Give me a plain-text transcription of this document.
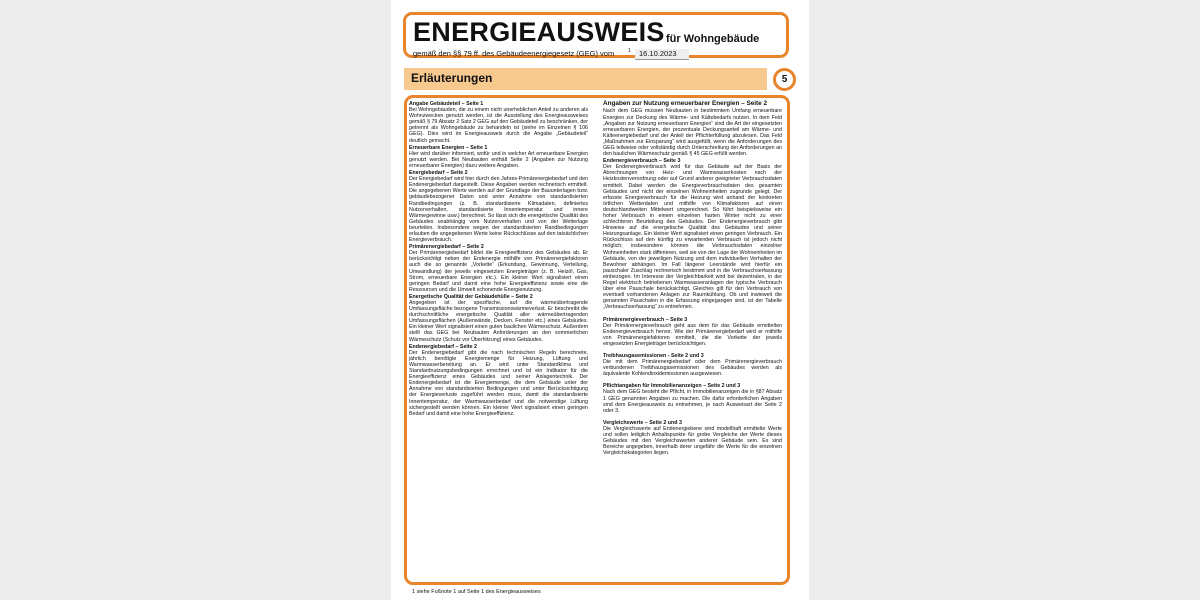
ENERGIEAUSWEIS für Wohngebäude
gemäß den §§ 79 ff. des Gebäudeenergiegesetz (GEG) vom	1	16.10.2023
Erläuterungen	5
Angabe Gebäudeteil – Seite 1
Bei Wohngebäuden, die zu einem nicht unerheblichen Anteil zu anderen als Wohnzwecken genutzt werden, ist die Ausstellung des Energieausweises gemäß § 79 Absatz 2 Satz 2 GEG auf den Gebäudeteil zu beschränken, der getrennt als Wohngebäude zu behandeln ist (siehe im Einzelnen § 106 GEG). Dies wird im Energieausweis durch die Angabe „Gebäudeteil“ deutlich gemacht.
Erneuerbare Energien – Seite 1
Hier wird darüber informiert, wofür und in welcher Art erneuerbare Energien genutzt werden. Bei Neubauten enthält Seite 2 (Angaben zur Nutzung erneuerbarer Energien) dazu weitere Angaben.
Energiebedarf – Seite 2
Der Energiebedarf wird hier durch den Jahres-Primärenergiebedarf und den Endenergiebedarf dargestellt. Diese Angaben werden rechnerisch ermittelt. Die angegebenen Werte werden auf der Grundlage der Bauunterlagen bzw. gebäudebezogener Daten und unter Annahme von standardisierten Randbedingungen (z. B. standardisierte Klimadaten, definiertes Nutzerverhalten, standardisierte Innentemperatur und innere Wärmegewinne usw.) berechnet. So lässt sich die energetische Qualität des Gebäudes unabhängig vom Nutzerverhalten und von der Wetterlage beurteilen. Insbesondere wegen der standardisierten Randbedingungen erlauben die angegebenen Werte keine Rückschlüsse auf den tatsächlichen Energieverbrauch.
Primärenergiebedarf – Seite 2
Der Primärenergiebedarf bildet die Energieeffizienz des Gebäudes ab. Er berücksichtigt neben der Endenergie mithilfe von Primärenergiefaktoren auch die so genannte „Vorkette“ (Erkundung, Gewinnung, Verteilung, Umwandlung) der jeweils eingesetzten Energieträger (z. B. Heizöl, Gas, Strom, erneuerbare Energien etc.). Ein kleiner Wert signalisiert einen geringen Bedarf und damit eine hohe Energieeffizienz sowie eine die Ressourcen und die Umwelt schonende Energienutzung.
Energetische Qualität der Gebäudehülle – Seite 2
Angegeben ist der spezifische, auf die wärmeübertragende Umfassungsfläche bezogene Transmissionswärmeverlust. Er beschreibt die durchschnittliche energetische Qualität aller wärmeübertragenden Umfassungsflächen (Außenwände, Decken, Fenster etc.) eines Gebäudes. Ein kleiner Wert signalisiert einen guten baulichen Wärmeschutz. Außerdem stellt das GEG bei Neubauten Anforderungen an den sommerlichen Wärmeschutz (Schutz vor Überhitzung) eines Gebäudes.
Endenergiebedarf – Seite 2
Der Endenergiebedarf gibt die nach technischen Regeln berechnete, jährlich benötigte Energiemenge für Heizung, Lüftung und Warmwasserbereitung an. Er wird unter Standardklima und Standardnutzungsbedingungen errechnet und ist ein Indikator für die Energieeffizienz eines Gebäudes und seiner Anlagentechnik. Der Endenergiebedarf ist die Energiemenge, die dem Gebäude unter der Annahme von standardisierten Bedingungen und unter Berücksichtigung der Energieverluste zugeführt werden muss, damit die standardisierte Innentemperatur, der Warmwasserbedarf und die notwendige Lüftung sichergestellt werden können. Ein kleiner Wert signalisiert einen geringen Bedarf und damit eine hohe Energieeffizienz.
Angaben zur Nutzung erneuerbarer Energien – Seite 2
Nach dem GEG müssen Neubauten in bestimmtem Umfang erneuerbare Energien zur Deckung des Wärme- und Kältebedarfs nutzen. In dem Feld „Angaben zur Nutzung erneuerbarer Energien“ sind die Art der eingesetzten erneuerbaren Energien, der prozentuale Deckungsanteil am Wärme- und Kälteenergiebedarf und der Anteil der Pflichterfüllung abzulesen. Das Feld „Maßnahmen zur Einsparung“ wird ausgefüllt, wenn die Anforderungen des GEG teilweise oder vollständig durch Unterschreitung der Anforderungen an den baulichen Wärmeschutz gemäß § 45 GEG erfüllt werden.
Endenergieverbrauch – Seite 3
Der Endenergieverbrauch wird für das Gebäude auf der Basis der Abrechnungen von Heiz- und Warmwasserkosten nach der Heizkostenverordnung oder auf Grund anderer geeigneter Verbrauchsdaten ermittelt. Dabei werden die Energieverbrauchsdaten des gesamten Gebäudes und nicht der einzelnen Wohneinheiten zugrunde gelegt. Der erfasste Energieverbrauch für die Heizung wird anhand der konkreten örtlichen Wetterdaten und mithilfe von Klimafaktoren auf einen deutschlandweiten Mittelwert umgerechnet. So führt beispielsweise ein hoher Verbrauch in einem einzelnen harten Winter nicht zu einer schlechteren Beurteilung des Gebäudes. Der Endenergieverbrauch gibt Hinweise auf die energetische Qualität des Gebäudes und seiner Heizungsanlage. Ein kleiner Wert signalisiert einen geringen Verbrauch. Ein Rückschluss auf den künftig zu erwartenden Verbrauch ist jedoch nicht möglich; insbesondere können die Verbrauchsdaten einzelner Wohneinheiten stark differieren, weil sie von der Lage der Wohneinheiten im Gebäude, von der jeweiligen Nutzung und dem individuellen Verhalten der Bewohner abhängen. Im Fall längerer Leerstände wird hierfür ein pauschaler Zuschlag rechnerisch bestimmt und in die Verbrauchserfassung einbezogen. Im Interesse der Vergleichbarkeit wird bei dezentralen, in der Regel elektrisch betriebenen Warmwasseranlagen der typische Verbrauch über eine Pauschale berücksichtigt. Gleiches gilt für den Verbrauch von eventuell vorhandenen Anlagen zur Raumkühlung. Ob und inwieweit die genannten Pauschalen in die Erfassung eingegangen sind, ist der Tabelle „Verbrauchserfassung“ zu entnehmen.
Primärenergieverbrauch – Seite 3
Der Primärenergieverbrauch geht aus dem für das Gebäude ermittelten Endenergieverbrauch hervor. Wie der Primärenergiebedarf wird er mithilfe von Primärenergiefaktoren ermittelt, die die Vorkette der jeweils eingesetzten Energieträger berücksichtigen.
Treibhausgasemissionen - Seite 2 und 3
Die mit dem Primärenergiebedarf oder dem Primärenergieverbrauch verbundenen Treibhausgasemissionen des Gebäudes werden als äquivalente Kohlendioxidemissionen ausgewiesen.
Pflichtangaben für Immobilienanzeigen – Seite 2 und 3
Nach dem GEG besteht die Pflicht, in Immobilienanzeigen die in §87 Absatz 1 GEG genannten Angaben zu machen. Die dafür erforderlichen Angaben sind dem Energieausweis zu entnehmen, je nach Ausweisart der Seite 2 oder 3.
Vergleichswerte – Seite 2 und 3
Die Vergleichswerte auf Endenergiebene sind modellhaft ermittelte Werte und sollen lediglich Anhaltspunkte für grobe Vergleiche der Werte dieses Gebäudes mit den Vergleichswerten anderer Gebäude sein. Es sind Bereiche angegeben, innerhalb derer ungefähr die Werte für die einzelnen Vergleichskategorien liegen.
1 siehe Fußnote 1 auf Seite 1 des Energieausweises
